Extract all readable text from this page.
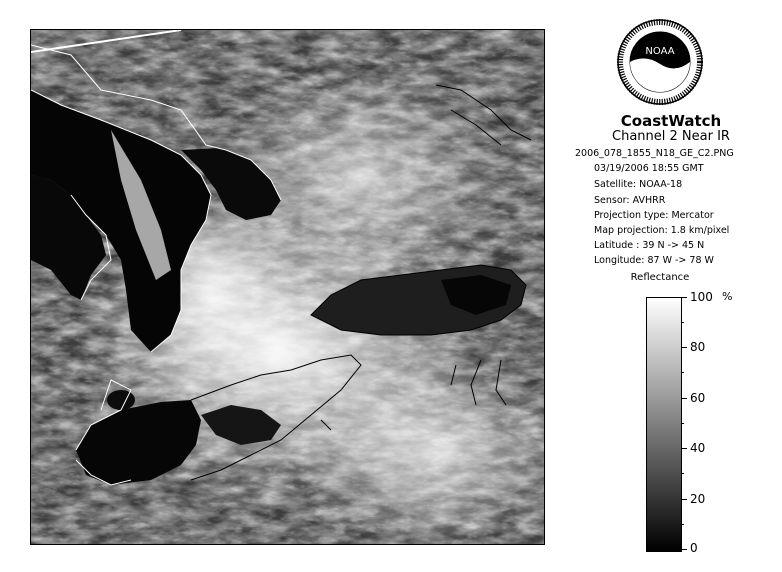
NOAA
CoastWatch
Channel 2 Near IR
2006_078_1855_N18_GE_C2.PNG
03/19/2006 18:55 GMT
Satellite: NOAA-18
Sensor: AVHRR
Projection type: Mercator
Map projection: 1.8 km/pixel
Latitude : 39 N -> 45 N
Longitude: 87 W -> 78 W
Reflectance
%
100
80
60
40
20
0
